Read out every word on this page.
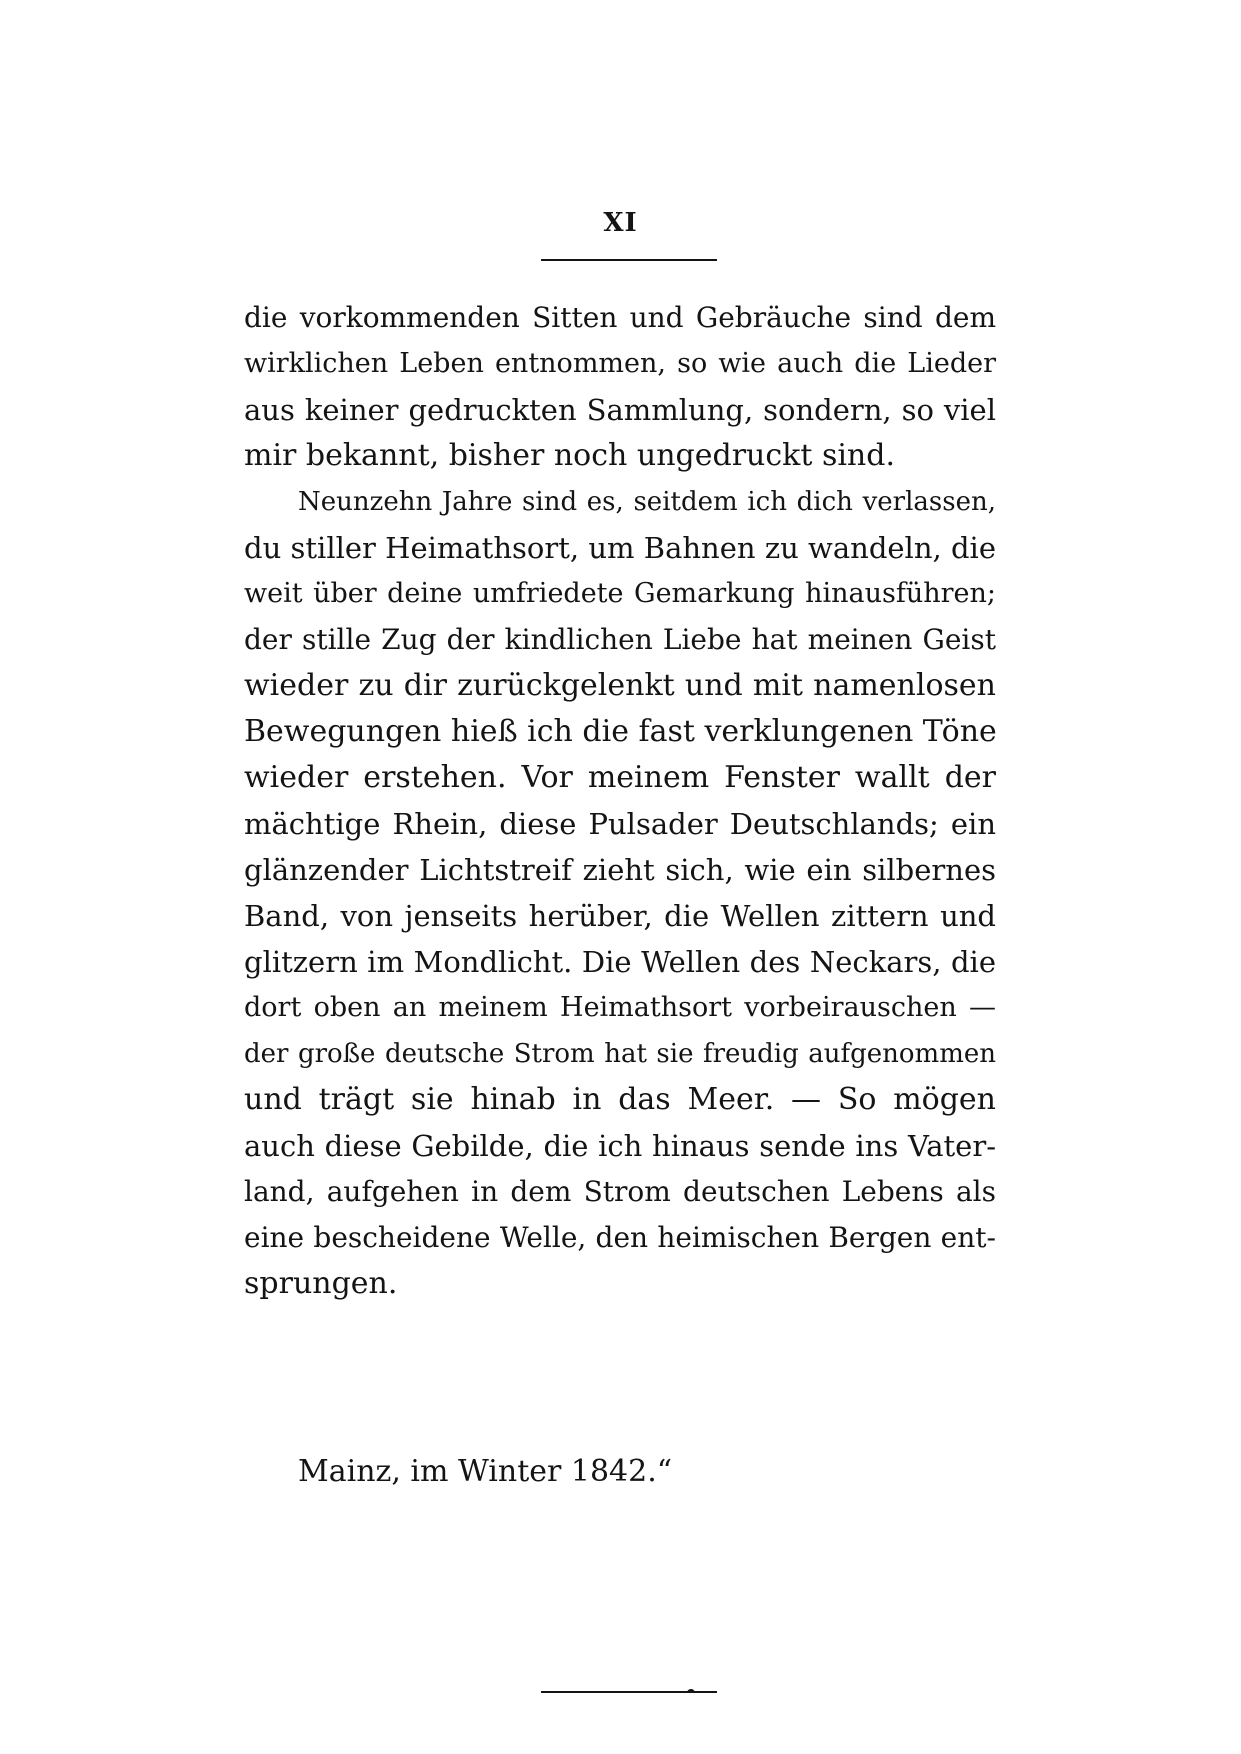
XI
die vorkommenden Sitten und Gebräuche sind dem
wirklichen Leben entnommen, so wie auch die Lieder
aus keiner gedruckten Sammlung, sondern, so viel
mir bekannt, bisher noch ungedruckt sind.
Neunzehn Jahre sind es, seitdem ich dich verlassen,
du stiller Heimathsort, um Bahnen zu wandeln, die
weit über deine umfriedete Gemarkung hinausführen;
der stille Zug der kindlichen Liebe hat meinen Geist
wieder zu dir zurückgelenkt und mit namenlosen
Bewegungen hieß ich die fast verklungenen Töne
wieder erstehen. Vor meinem Fenster wallt der
mächtige Rhein, diese Pulsader Deutschlands; ein
glänzender Lichtstreif zieht sich, wie ein silbernes
Band, von jenseits herüber, die Wellen zittern und
glitzern im Mondlicht. Die Wellen des Neckars, die
dort oben an meinem Heimathsort vorbeirauschen —
der große deutsche Strom hat sie freudig aufgenommen
und trägt sie hinab in das Meer. — So mögen
auch diese Gebilde, die ich hinaus sende ins Vater-
land, aufgehen in dem Strom deutschen Lebens als
eine bescheidene Welle, den heimischen Bergen ent-
sprungen.
Mainz, im Winter 1842.“
